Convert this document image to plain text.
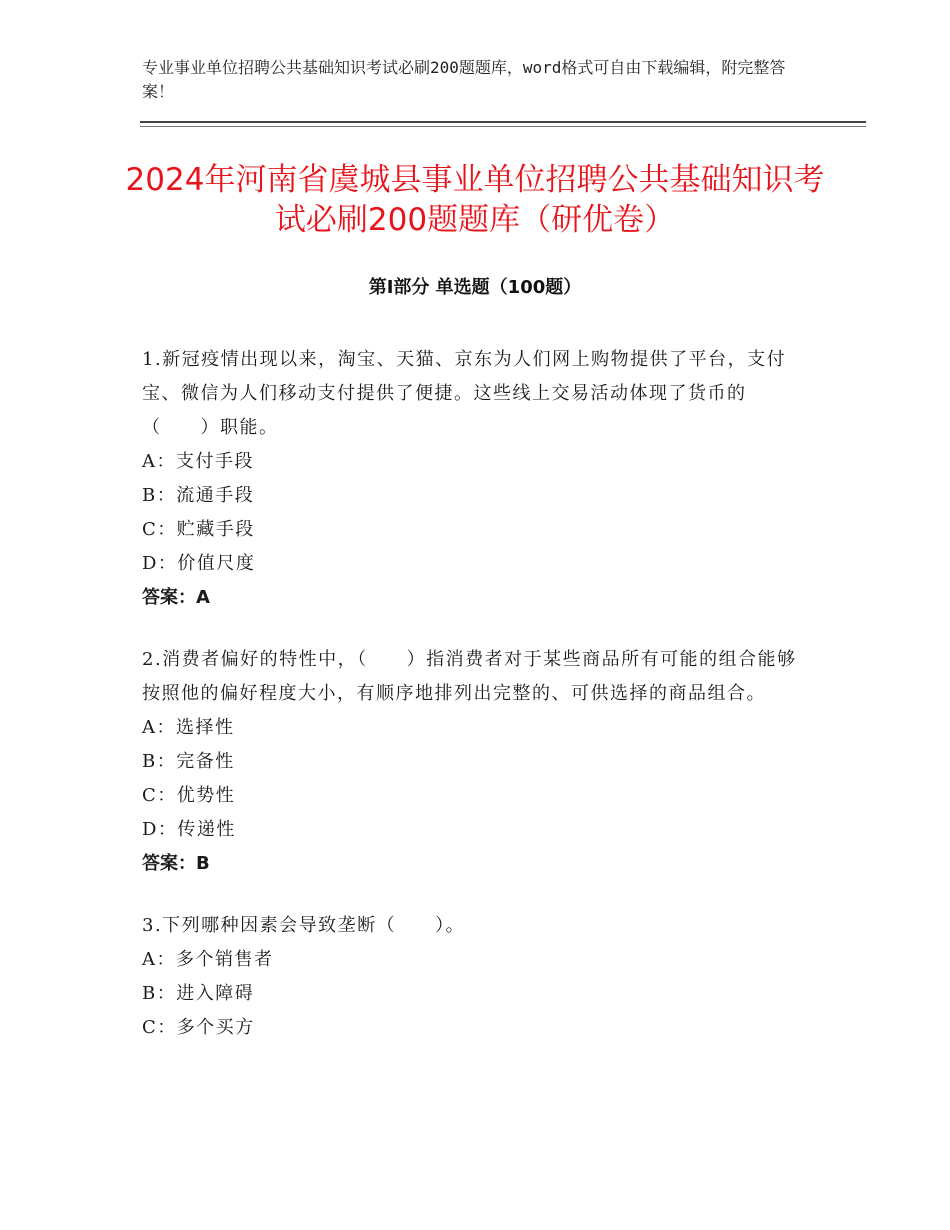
专业事业单位招聘公共基础知识考试必刷200题题库，word格式可自由下载编辑，附完整答案！
2024年河南省虞城县事业单位招聘公共基础知识考试必刷200题题库（研优卷）
第Ⅰ部分 单选题（100题）
1.新冠疫情出现以来，淘宝、天猫、京东为人们网上购物提供了平台，支付宝、微信为人们移动支付提供了便捷。这些线上交易活动体现了货币的（　　）职能。
A：支付手段
B：流通手段
C：贮藏手段
D：价值尺度
答案：A
2.消费者偏好的特性中，（　　）指消费者对于某些商品所有可能的组合能够按照他的偏好程度大小，有顺序地排列出完整的、可供选择的商品组合。
A：选择性
B：完备性
C：优势性
D：传递性
答案：B
3.下列哪种因素会导致垄断（　　）。
A：多个销售者
B：进入障碍
C：多个买方
